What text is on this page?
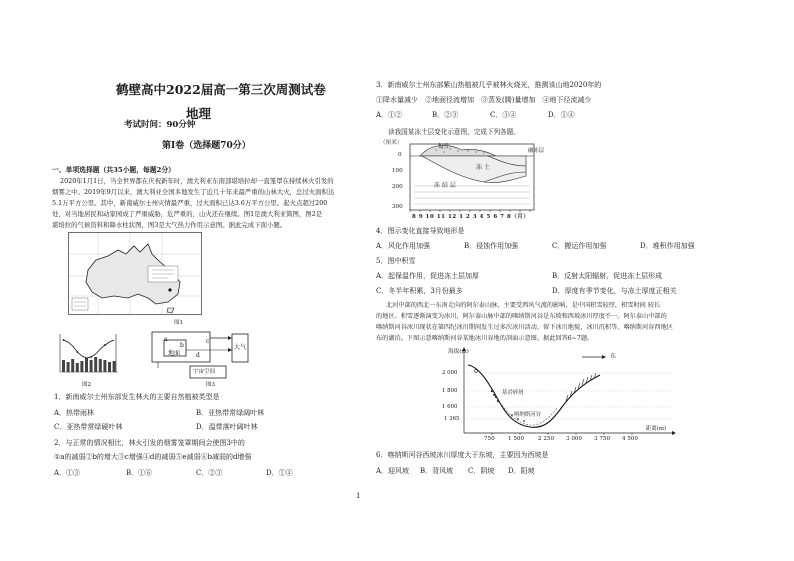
鹤壁高中2022届高一第三次周测试卷
地理
考试时间：90分钟
第Ⅰ卷（选择题70分）
一、单项选择题（共35小题，每题2分）
2020年1月1日，当全世界都在庆祝新年时，澳大利亚东南部堪培拉却一直笼罩在持续林火引发的
烟雾之中。2019年9月以来，澳大利亚全国多地发生了近几十年来最严重的山林大火，总过火面积达
5.1万平方公里。其中，新南威尔士州灾情最严重，过火面积已达3.6万平方公里。起火点超过200
处，对当地居民和动家园成了严重威胁，危严重的，山火还在继续。图1是澳大利亚简图，图2是
堪培拉的气候资料和降水柱状图，图3是大气热力作用示意图。据此完成下面小题。
图1
图2
a	c
地面
b
d
大气
宇宙空间
图3
1．新南威尔士州东部发生林火的主要自然植被类型是
A．热带雨林	B．亚热带常绿阔叶林
C．亚热带常绿硬叶林	D．温带落叶阔叶林
2．与正常的情况相比，林火引发的烟雾笼罩期间会使图3中的
①a的减弱②b的增大③c增强④d的减弱⑤e减弱⑥b减弱的d增强
A．①③	B．①⑥	C．②③	D．①④
3．新南威尔士州东部紫山热植被几乎被林火烧光，推测该山地2020年的
①降水量减少　②地面径流增加　③蒸发(腾)量增加　④地下径流减少
A．①②	B．②③	C．③④	D．①④
读我国某冻土层变化示意图，完成下列各题。
（厘米）
0
100
200
300
8 9 10 11 12 1 2 3 4 5 6 7 8（月）
积雪
融冻层
冻 土
冻 结 层
4．图示变化直接导致地形是
A．风化作用加强	B．侵蚀作用加强	C．搬运作用加强	D．堆积作用加强
5．图中积雪
A．起保温作用，促进冻土层加厚	B．反射太阳辐射，促进冻土层形成
C．冬半年积累，3月份最多	D．厚度有季节变化，与冻土厚度正相关
北河中部的西北一东南走向的阿尔泰山脉，主要受西风气流的影响，是中国积雪较厚，积雪时间 较长
的地区。积雪逐渐演变为冰川，阿尔泰山脉中部的喀纳斯河谷是东坡和西坡冰川厚度不一。阿尔泰山中部的
喀纳斯河谷冰川现状在第四纪冰川期间发生过多次冰川活动，留下冰川地貌，冰川沉积等。喀纳斯河谷西地区
布的湖泊。下图示意喀纳斯河谷某地冰川谷地的剖面示意图。据此回答6~7题。
海拔(m)
东
2 000
1 800
1 600
1 365
基岩碎屑
喀纳斯河谷
距离(m)
750 1 500 2 250 3 000 3 750 4 500
6．喀纳斯河谷西坡冰川厚度大于东坡，主要因为西坡是
A．迎风坡 B．背风坡 C．阴坡 D．阳坡
1
